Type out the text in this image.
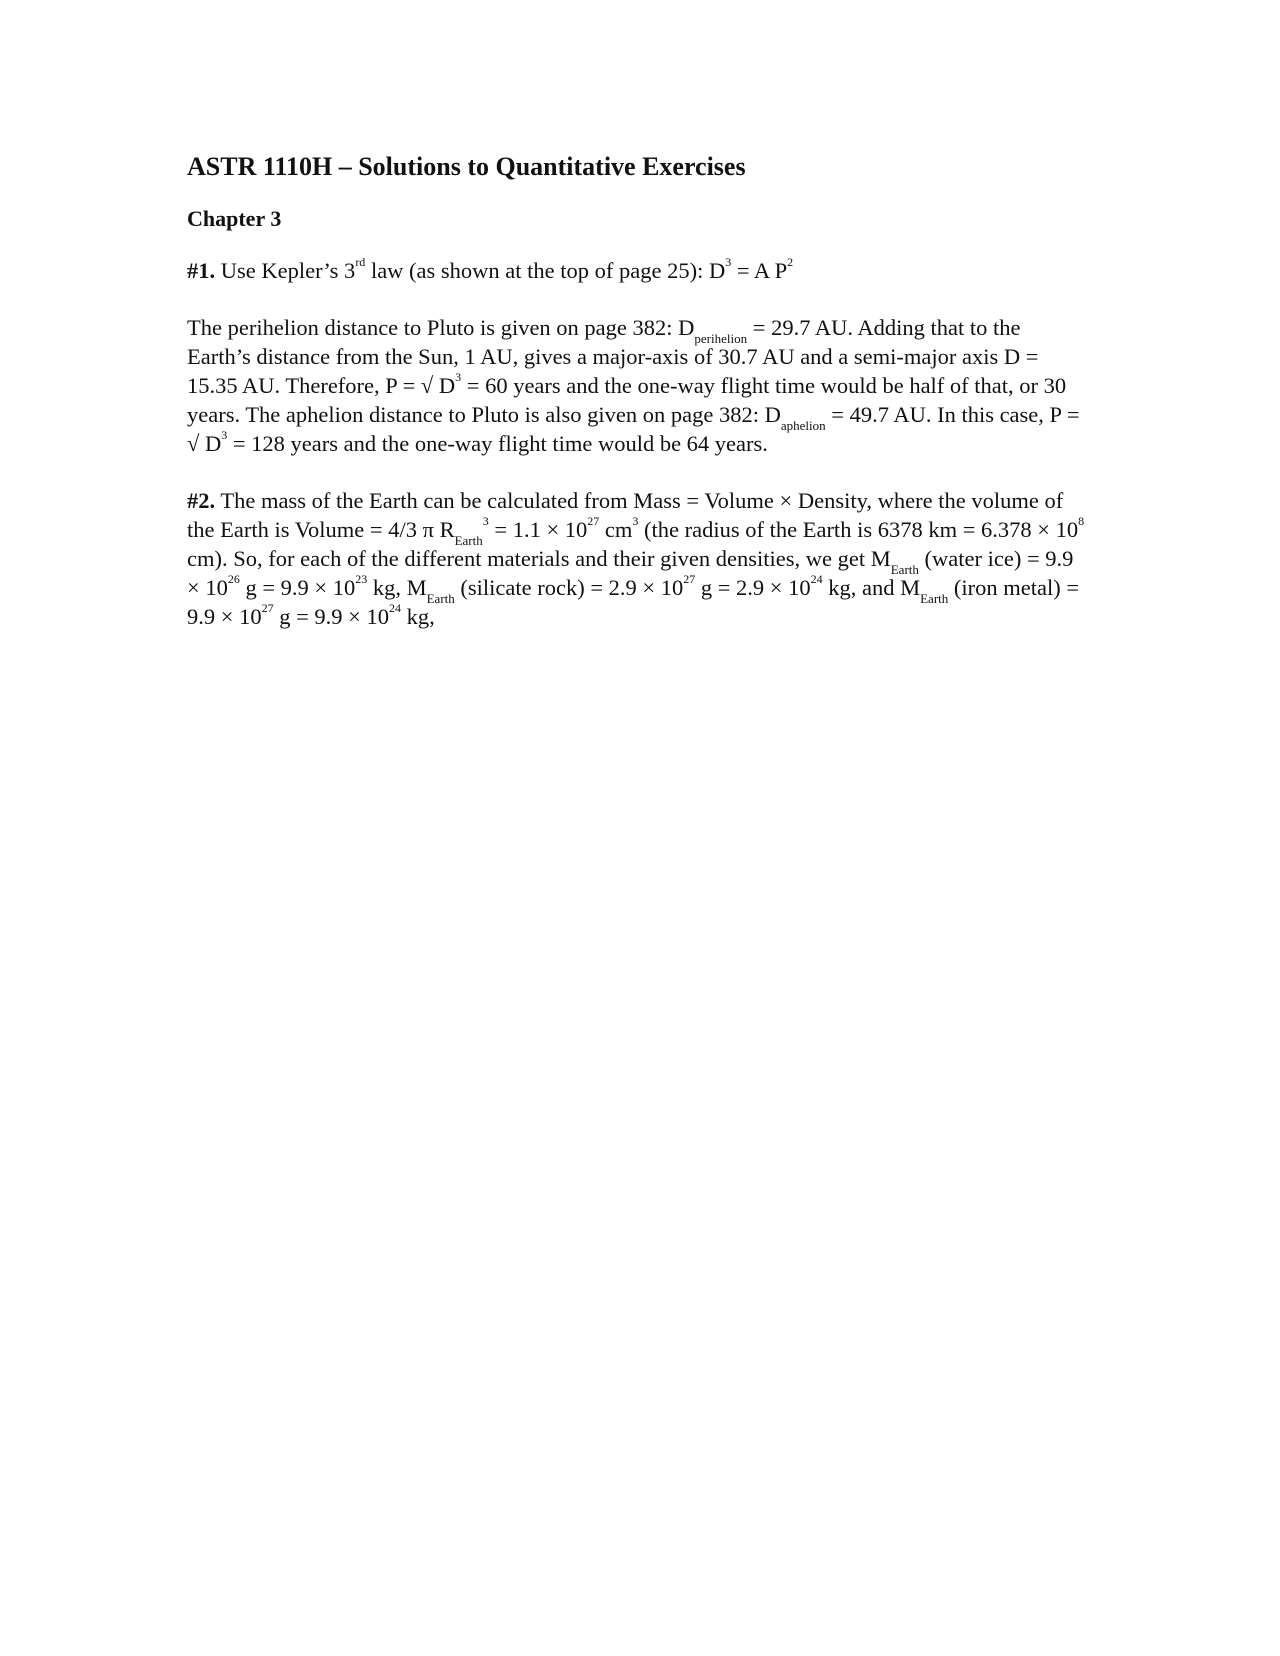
ASTR 1110H – Solutions to Quantitative Exercises
Chapter 3

#1. Use Kepler’s 3rd law (as shown at the top of page 25): $D^3 = A$ $P^2$

The perihelion distance to Pluto is given on page 382: $D_{perihelion} = 29.7$ AU. Adding that to the Earth’s distance from the Sun, 1 AU, gives a major-axis of 30.7 AU and a semi-major axis D = 15.35 AU. Therefore, P = √ $D^3 = 60$ years and the one-way flight time would be half of that, or 30 years. The aphelion distance to Pluto is also given on page 382: $D_{aphelion} = 49.7$ AU. In this case, P = √ $D^3 = 128$ years and the one-way flight time would be 64 years.

#2. The mass of the Earth can be calculated from Mass = Volume × Density, where the volume of the Earth is Volume = 4/3 π $R_{Earth}^3 = 1.1 \times 10^{27}$ $cm^3$ (the radius of the Earth is 6378 km = $6.378 \times 10^8$ cm). So, for each of the different materials and their given densities, we get $M_{Earth}$ (water $ice) = 9.9 \times 10^{26}$ $g = 9.9 \times 10^{23}$ kg, $M_{Earth}$ (silicate rock) = $2.9 \times 10^{27}$ $g = 2.9 \times 10^{24}$ kg, and $M_{Earth}$ (iron metal) = $9.9 \times 10^{27}$ $g = 9.9 \times 10^{24}$ kg,
